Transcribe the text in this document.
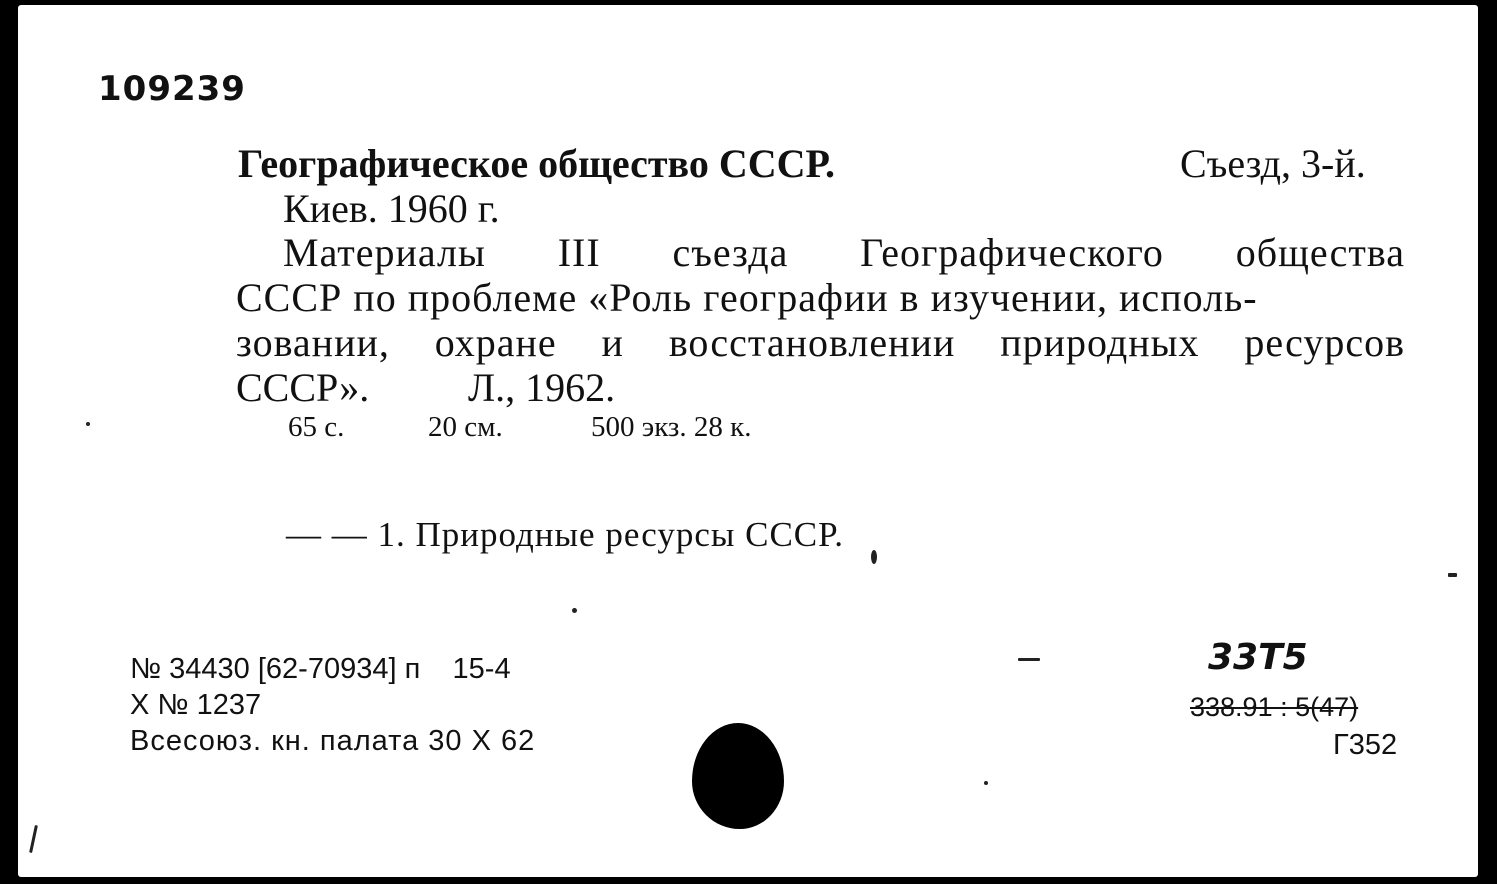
109239
Географическое общество СССР.	Съезд, 3-й.
Киев. 1960 г.
Материалы III съезда Географического общества
СССР по проблеме «Роль географии в изучении, исполь-
зовании, охране и восстановлении природных ресурсов
СССР». Л., 1962.
65 с.	20 см.	500 экз. 28 к.
— — 1. Природные ресурсы СССР.
№ 34430 [62-70934] п    15-4
X № 1237
Всесоюз. кн. палата 30 X 62
33Т5
338.91 : 5(47)
Г352
